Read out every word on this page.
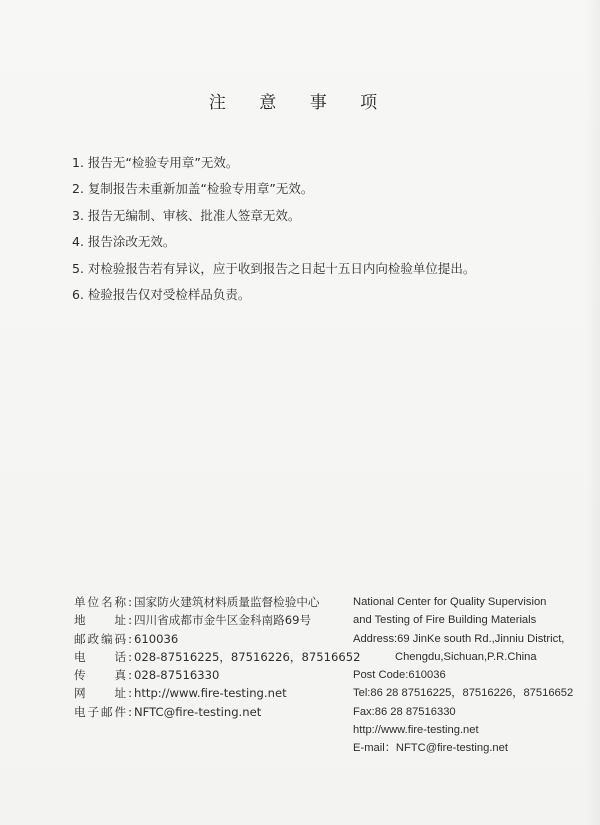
注 意 事 项
1. 报告无“检验专用章”无效。
2. 复制报告未重新加盖“检验专用章”无效。
3. 报告无编制、审核、批准人签章无效。
4. 报告涂改无效。
5. 对检验报告若有异议，应于收到报告之日起十五日内向检验单位提出。
6. 检验报告仅对受检样品负责。
单位名称: 国家防火建筑材料质量监督检验中心
地　　址: 四川省成都市金牛区金科南路69号
邮政编码: 610036
电　　话: 028-87516225，87516226，87516652
传　　真: 028-87516330
网　　址: http://www.fire-testing.net
电子邮件: NFTC@fire-testing.net
National Center for Quality Supervision
and Testing of Fire Building Materials
Address:69 JinKe south Rd.,Jinniu District,
Chengdu,Sichuan,P.R.China
Post Code:610036
Tel:86 28 87516225，87516226，87516652
Fax:86 28 87516330
http://www.fire-testing.net
E-mail：NFTC@fire-testing.net
